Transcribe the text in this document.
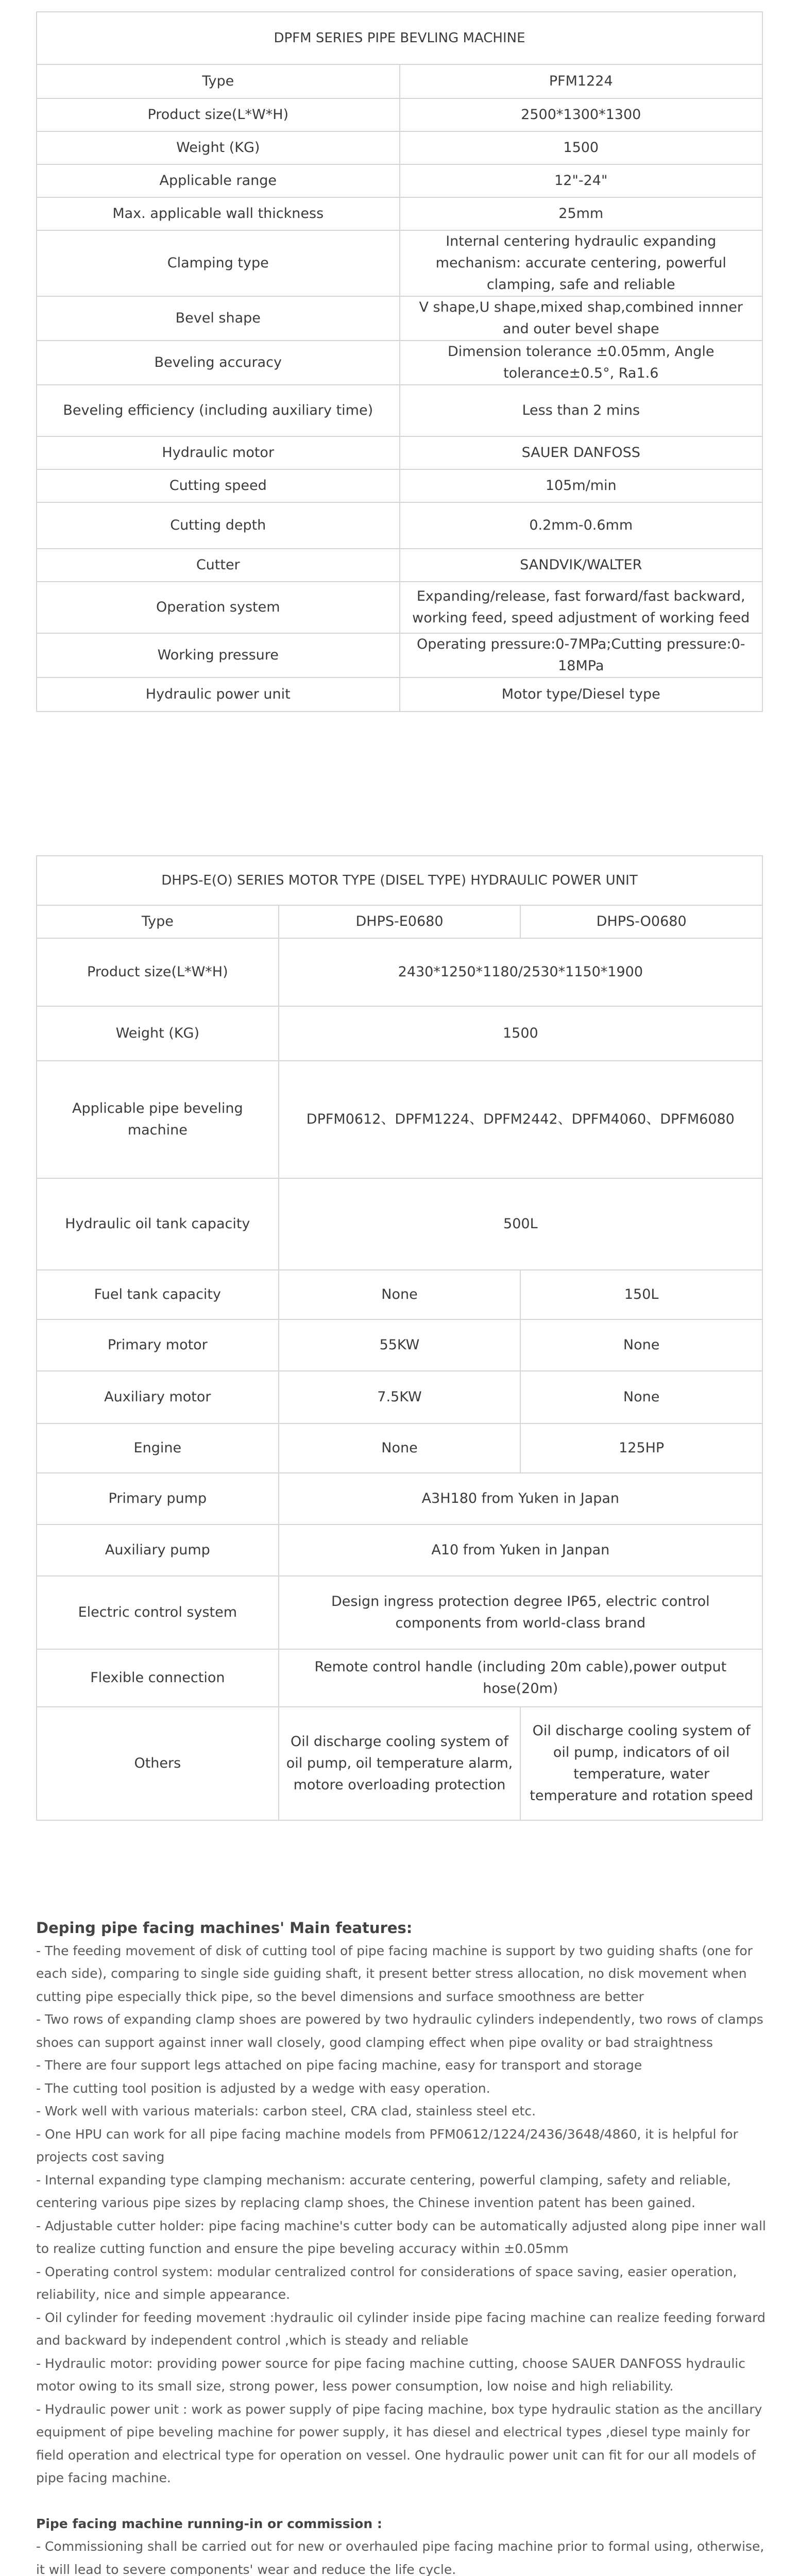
DPFM SERIES PIPE BEVLING MACHINE	
Type	PFM1224
Product size(L*W*H)	2500*1300*1300
Weight (KG)	1500
Applicable range	12"-24"
Max. applicable wall thickness	25mm
Clamping type	Internal centering hydraulic expanding mechanism: accurate centering, powerful clamping, safe and reliable
Bevel shape	V shape,U shape,mixed shap,combined innner and outer bevel shape
Beveling accuracy	Dimension tolerance ±0.05mm, Angle tolerance±0.5°, Ra1.6
Beveling efficiency (including auxiliary time)	Less than 2 mins
Hydraulic motor	SAUER DANFOSS
Cutting speed	105m/min
Cutting depth	0.2mm-0.6mm
Cutter	SANDVIK/WALTER
Operation system	Expanding/release, fast forward/fast backward, working feed, speed adjustment of working feed
Working pressure	Operating pressure:0-7MPa;Cutting pressure:0-18MPa
Hydraulic power unit	Motor type/Diesel type
DHPS-E(O) SERIES MOTOR TYPE (DISEL TYPE) HYDRAULIC POWER UNIT		
Type	DHPS-E0680	DHPS-O0680
Product size(L*W*H)	2430*1250*1180/2530*1150*1900	
Weight (KG)	1500	
Applicable pipe beveling machine	DPFM0612、DPFM1224、DPFM2442、DPFM4060、DPFM6080	
Hydraulic oil tank capacity	500L	
Fuel tank capacity	None	150L
Primary motor	55KW	None
Auxiliary motor	7.5KW	None
Engine	None	125HP
Primary pump	A3H180 from Yuken in Japan	
Auxiliary pump	A10 from Yuken in Janpan	
Electric control system	Design ingress protection degree IP65, electric control components from world-class brand	
Flexible connection	Remote control handle (including 20m cable),power output hose(20m)	
Others	Oil discharge cooling system of oil pump, oil temperature alarm, motore overloading protection	Oil discharge cooling system of oil pump, indicators of oil temperature, water temperature and rotation speed
Deping pipe facing machines' Main features:
- The feeding movement of disk of cutting tool of pipe facing machine is support by two guiding shafts (one for each side), comparing to single side guiding shaft, it present better stress allocation, no disk movement when cutting pipe especially thick pipe, so the bevel dimensions and surface smoothness are better
- Two rows of expanding clamp shoes are powered by two hydraulic cylinders independently, two rows of clamps shoes can support against inner wall closely, good clamping effect when pipe ovality or bad straightness
- There are four support legs attached on pipe facing machine, easy for transport and storage
- The cutting tool position is adjusted by a wedge with easy operation.
- Work well with various materials: carbon steel, CRA clad, stainless steel etc.
- One HPU can work for all pipe facing machine models from PFM0612/1224/2436/3648/4860, it is helpful for projects cost saving
- Internal expanding type clamping mechanism: accurate centering, powerful clamping, safety and reliable, centering various pipe sizes by replacing clamp shoes, the Chinese invention patent has been gained.
- Adjustable cutter holder: pipe facing machine's cutter body can be automatically adjusted along pipe inner wall to realize cutting function and ensure the pipe beveling accuracy within ±0.05mm
- Operating control system: modular centralized control for considerations of space saving, easier operation, reliability, nice and simple appearance.
- Oil cylinder for feeding movement :hydraulic oil cylinder inside pipe facing machine can realize feeding forward and backward by independent control ,which is steady and reliable
- Hydraulic motor: providing power source for pipe facing machine cutting, choose SAUER DANFOSS hydraulic motor owing to its small size, strong power, less power consumption, low noise and high reliability.
- Hydraulic power unit : work as power supply of pipe facing machine, box type hydraulic station as the ancillary equipment of pipe beveling machine for power supply, it has diesel and electrical types ,diesel type mainly for field operation and electrical type for operation on vessel. One hydraulic power unit can fit for our all models of pipe facing machine.
Pipe facing machine running-in or commission :
- Commissioning shall be carried out for new or overhauled pipe facing machine prior to formal using, otherwise, it will lead to severe components' wear and reduce the life cycle.
